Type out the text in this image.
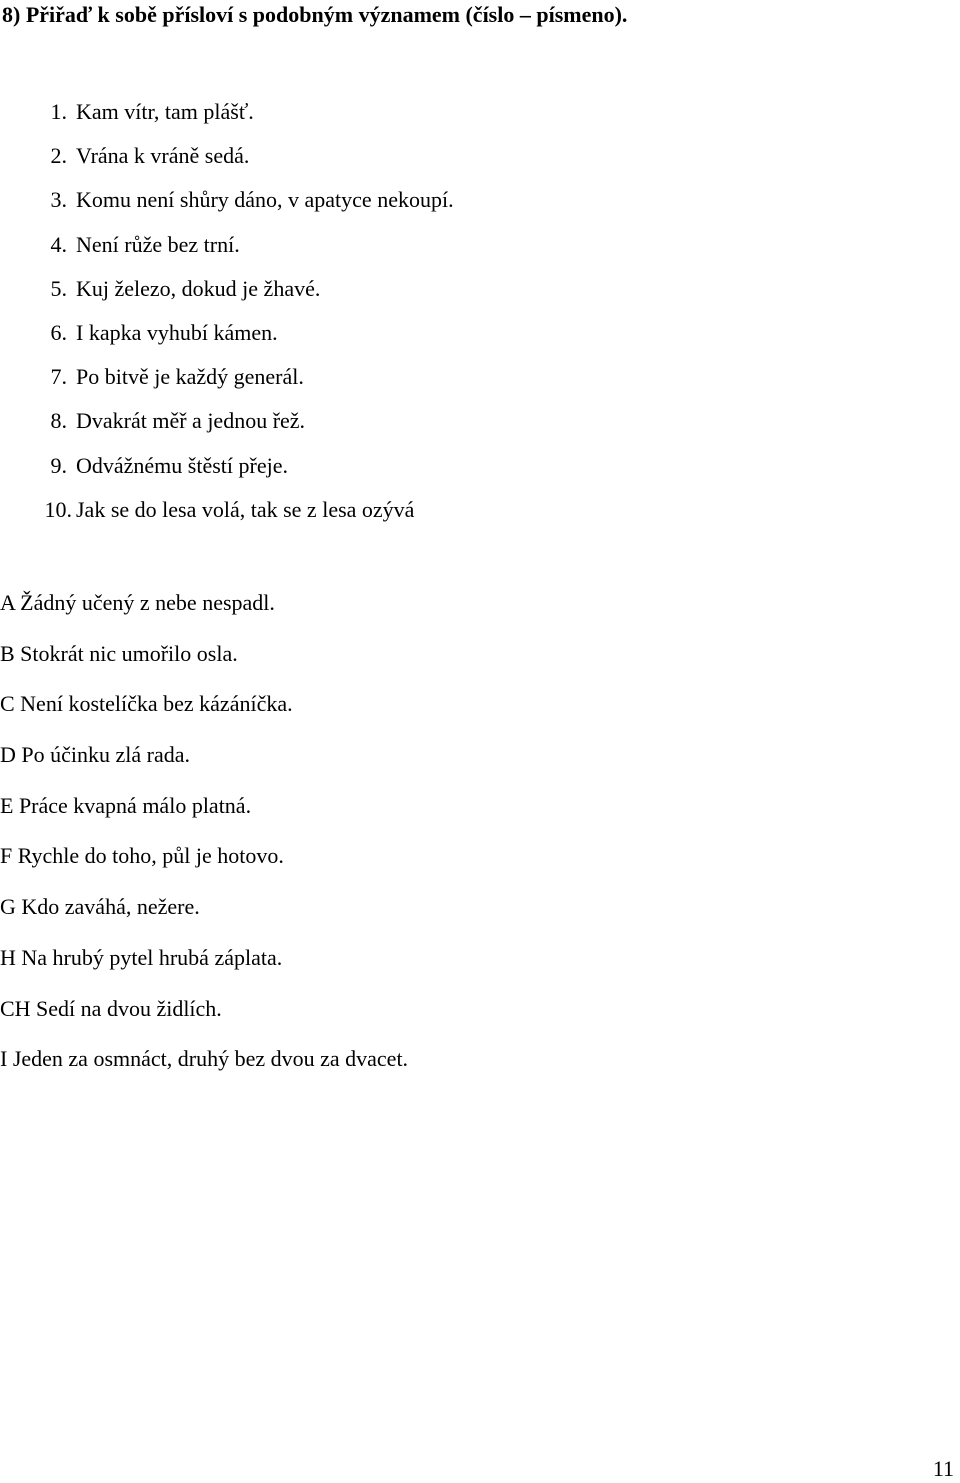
8) Přiřaď k sobě přísloví s podobným významem (číslo – písmeno).
1. Kam vítr, tam plášť.
2. Vrána k vráně sedá.
3. Komu není shůry dáno, v apatyce nekoupí.
4. Není růže bez trní.
5. Kuj železo, dokud je žhavé.
6. I kapka vyhubí kámen.
7. Po bitvě je každý generál.
8. Dvakrát měř a jednou řež.
9. Odvážnému štěstí přeje.
10. Jak se do lesa volá, tak se z lesa ozývá
A Žádný učený z nebe nespadl.
B Stokrát nic umořilo osla.
C Není kostelíčka bez kázáníčka.
D Po účinku zlá rada.
E Práce kvapná málo platná.
F Rychle do toho, půl je hotovo.
G Kdo zaváhá, nežere.
H Na hrubý pytel hrubá záplata.
CH Sedí na dvou židlích.
I Jeden za osmnáct, druhý bez dvou za dvacet.
11
